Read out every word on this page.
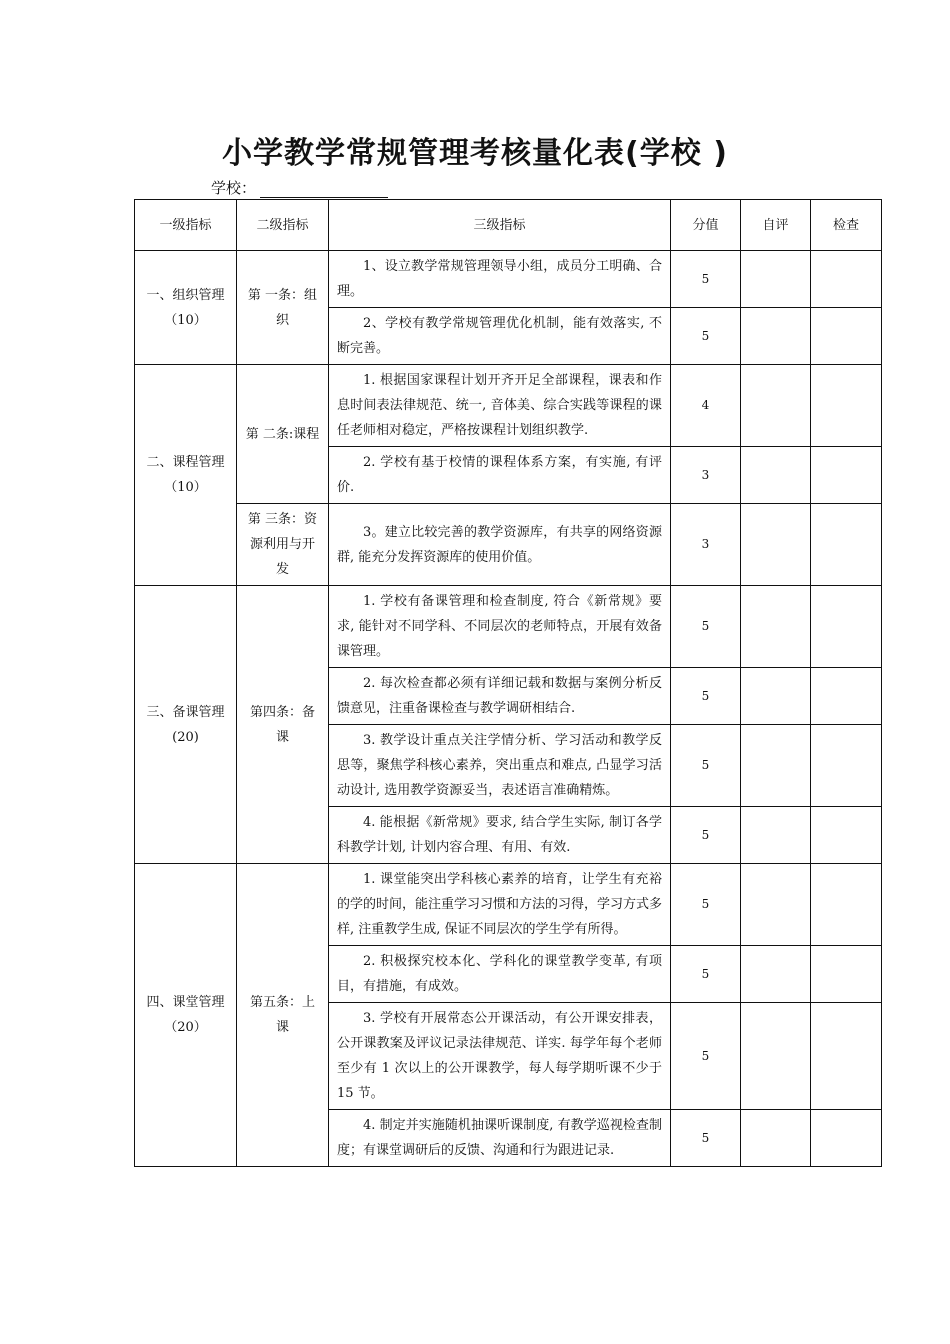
小学教学常规管理考核量化表(学校 )
学校：
一级指标	二级指标	三级指标	分值	自评	检查
一、组织管理（10）	第 一条：组织	1、设立教学常规管理领导小组，成员分工明确、合理。	5		
		2、学校有教学常规管理优化机制，能有效落实, 不断完善。	5		
二、课程管理（10）	第 二条:课程	1. 根据国家课程计划开齐开足全部课程，课表和作息时间表法律规范、统一, 音体美、综合实践等课程的课任老师相对稳定，严格按课程计划组织教学.	4		
		2. 学校有基于校情的课程体系方案，有实施, 有评价.	3		
	第 三条：资源利用与开发	3。建立比较完善的教学资源库，有共享的网络资源群, 能充分发挥资源库的使用价值。	3		
三、备课管理(20)	第四条：备课	1. 学校有备课管理和检查制度, 符合《新常规》要求, 能针对不同学科、不同层次的老师特点，开展有效备课管理。	5		
		2. 每次检查都必须有详细记载和数据与案例分析反馈意见，注重备课检查与教学调研相结合.	5		
		3. 教学设计重点关注学情分析、学习活动和教学反思等，聚焦学科核心素养，突出重点和难点, 凸显学习活动设计, 选用教学资源妥当，表述语言准确精炼。	5		
		4. 能根据《新常规》要求, 结合学生实际, 制订各学科教学计划, 计划内容合理、有用、有效.	5		
四、课堂管理（20）	第五条：上课	1. 课堂能突出学科核心素养的培育，让学生有充裕的学的时间，能注重学习习惯和方法的习得，学习方式多样, 注重教学生成, 保证不同层次的学生学有所得。	5		
		2. 积极探究校本化、学科化的课堂教学变革, 有项目，有措施，有成效。	5		
		3. 学校有开展常态公开课活动，有公开课安排表，公开课教案及评议记录法律规范、详实. 每学年每个老师至少有 1 次以上的公开课教学，每人每学期听课不少于 15 节。	5		
		4. 制定并实施随机抽课听课制度, 有教学巡视检查制度；有课堂调研后的反馈、沟通和行为跟进记录.	5		
